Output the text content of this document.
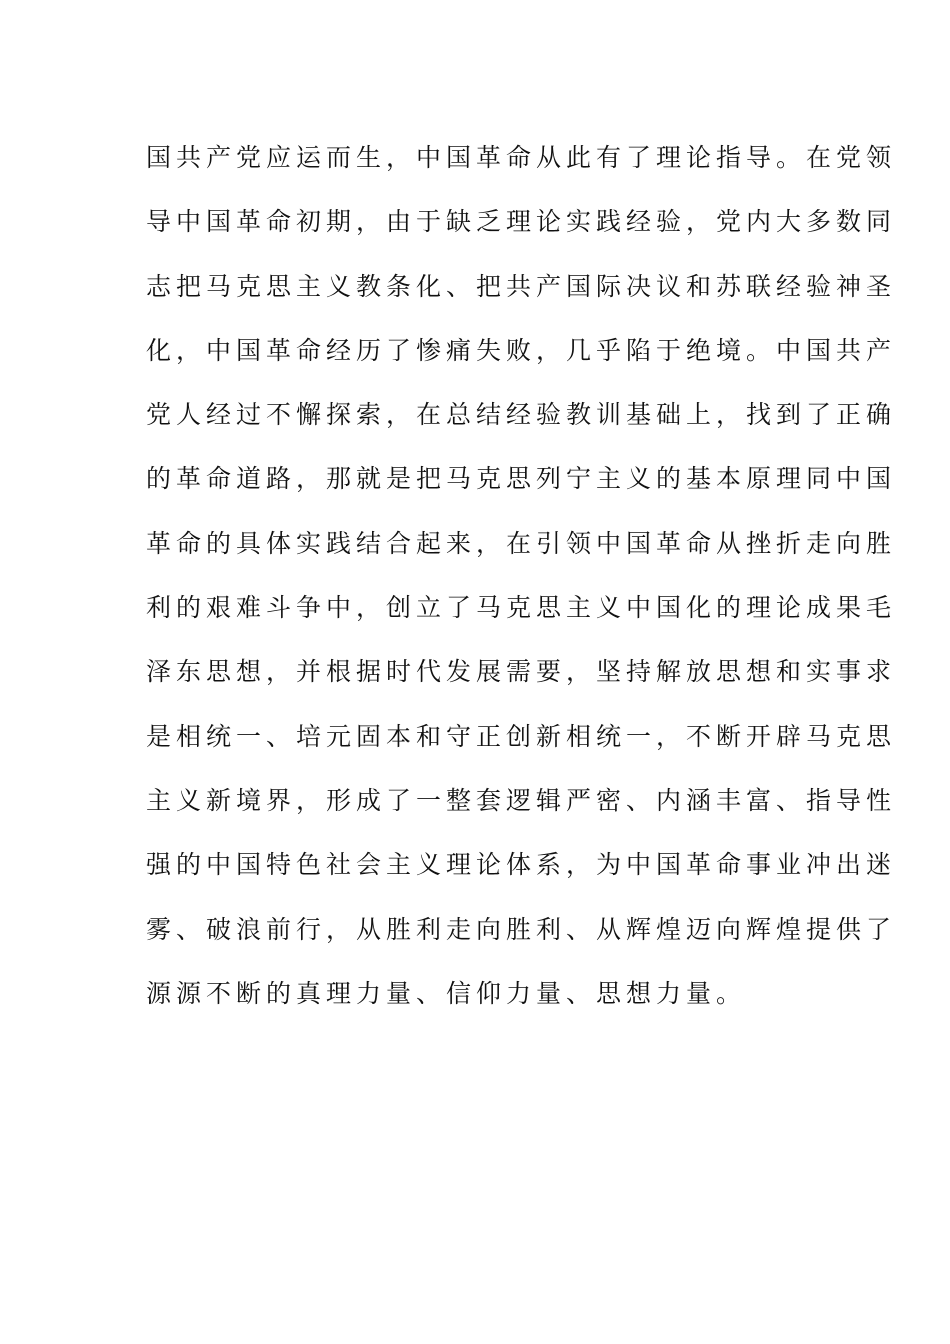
国共产党应运而生，中国革命从此有了理论指导。在党领
导中国革命初期，由于缺乏理论实践经验，党内大多数同
志把马克思主义教条化、把共产国际决议和苏联经验神圣
化，中国革命经历了惨痛失败，几乎陷于绝境。中国共产
党人经过不懈探索，在总结经验教训基础上，找到了正确
的革命道路，那就是把马克思列宁主义的基本原理同中国
革命的具体实践结合起来，在引领中国革命从挫折走向胜
利的艰难斗争中，创立了马克思主义中国化的理论成果毛
泽东思想，并根据时代发展需要，坚持解放思想和实事求
是相统一、培元固本和守正创新相统一，不断开辟马克思
主义新境界，形成了一整套逻辑严密、内涵丰富、指导性
强的中国特色社会主义理论体系，为中国革命事业冲出迷
雾、破浪前行，从胜利走向胜利、从辉煌迈向辉煌提供了
源源不断的真理力量、信仰力量、思想力量。
